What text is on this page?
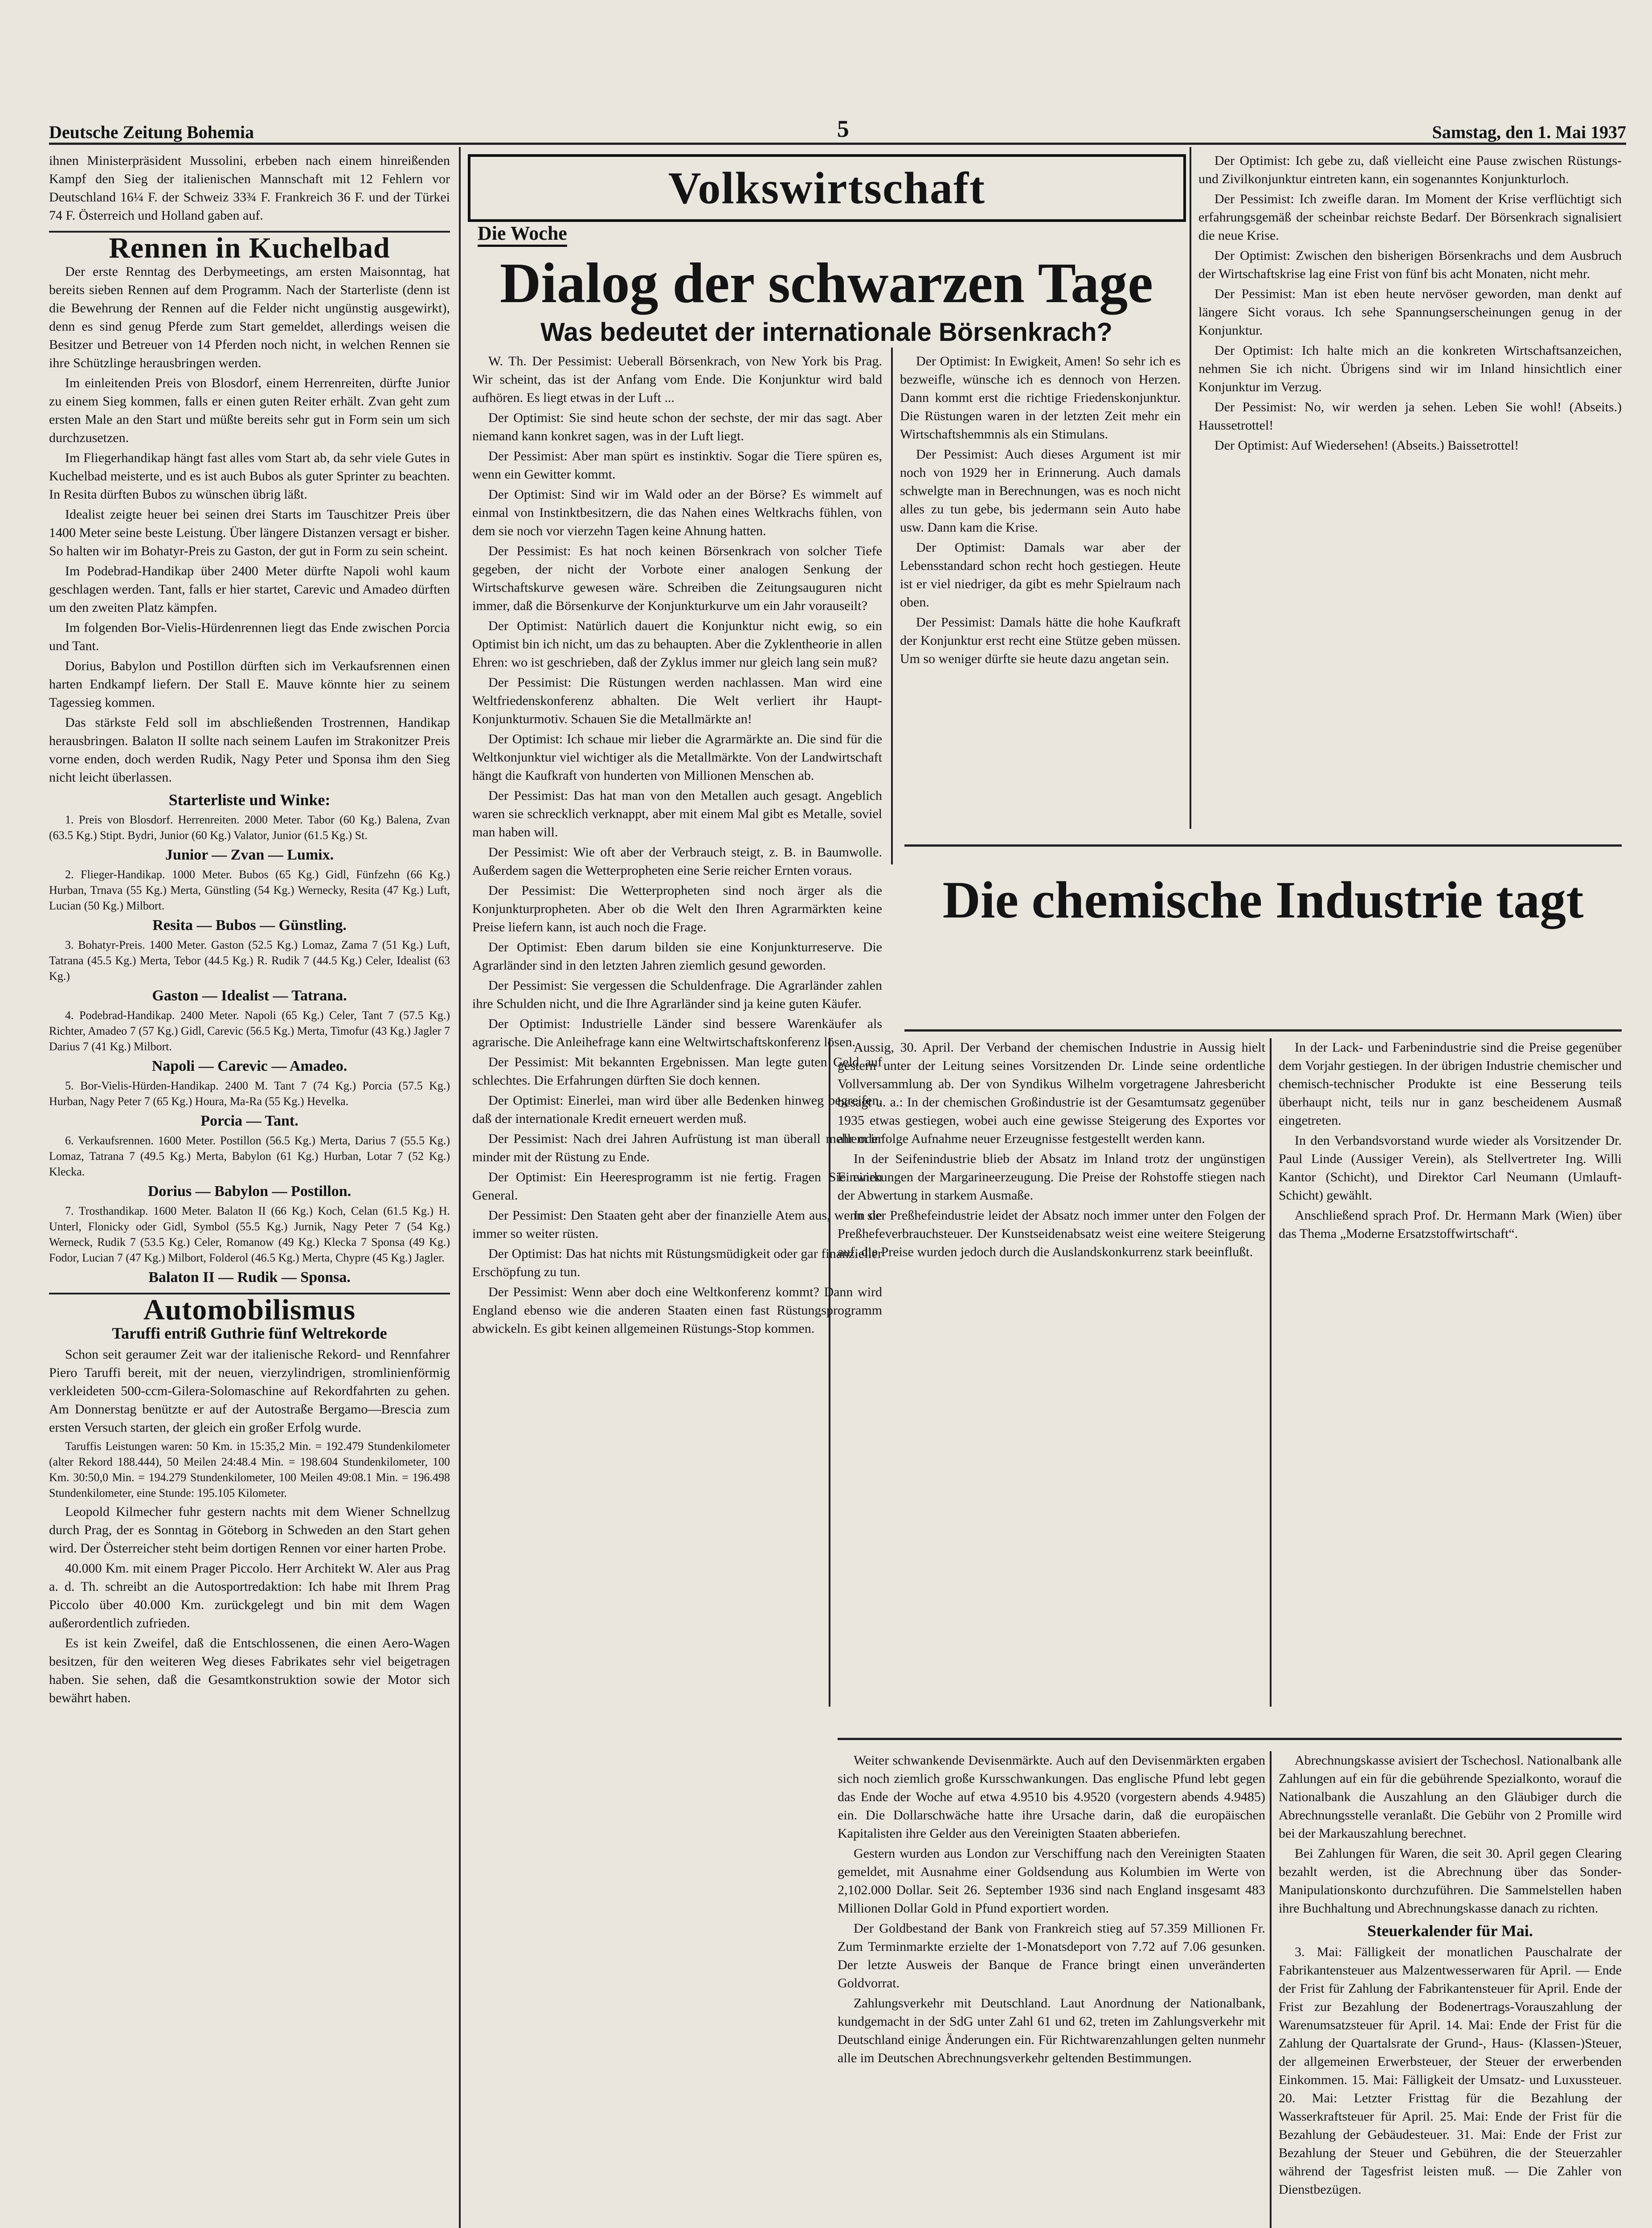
Deutsche Zeitung Bohemia	5	Samstag, den 1. Mai 1937

ihnen Ministerpräsident Mussolini, erbeben nach einem hinreißenden Kampf den Sieg der italienischen Mannschaft mit 12 Fehlern vor Deutschland 16¼ F. der Schweiz 33¾ F. Frankreich 36 F. und der Türkei 74 F. Österreich und Holland gaben auf.

Rennen in Kuchelbad

Der erste Renntag des Derbymeetings, am ersten Maisonntag, hat bereits sieben Rennen auf dem Programm. Nach der Starterliste (denn ist die Bewehrung der Rennen auf die Felder nicht ungünstig ausgewirkt), denn es sind genug Pferde zum Start gemeldet, allerdings weisen die Besitzer und Betreuer von 14 Pferden noch nicht, in welchen Rennen sie ihre Schützlinge herausbringen werden.

Im einleitenden Preis von Blosdorf, einem Herrenreiten, dürfte Junior zu einem Sieg kommen, falls er einen guten Reiter erhält. Zvan geht zum ersten Male an den Start und müßte bereits sehr gut in Form sein um sich durchzusetzen.

Im Fliegerhandikap hängt fast alles vom Start ab, da sehr viele Gutes in Kuchelbad meisterte, und es ist auch Bubos als guter Sprinter zu beachten. In Resita dürften Bubos zu wünschen übrig läßt.

Idealist zeigte heuer bei seinen drei Starts im Tauschitzer Preis über 1400 Meter seine beste Leistung. Über längere Distanzen versagt er bisher. So halten wir im Bohatyr-Preis zu Gaston, der gut in Form zu sein scheint.

Im Podebrad-Handikap über 2400 Meter dürfte Napoli wohl kaum geschlagen werden. Tant, falls er hier startet, Carevic und Amadeo dürften um den zweiten Platz kämpfen.

Im folgenden Bor-Vielis-Hürdenrennen liegt das Ende zwischen Porcia und Tant.

Dorius, Babylon und Postillon dürften sich im Verkaufsrennen einen harten Endkampf liefern. Der Stall E. Mauve könnte hier zu seinem Tagessieg kommen.

Das stärkste Feld soll im abschließenden Trostrennen, Handikap herausbringen. Balaton II sollte nach seinem Laufen im Strakonitzer Preis vorne enden, doch werden Rudik, Nagy Peter und Sponsa ihm den Sieg nicht leicht überlassen.

Starterliste und Winke:

1. Preis von Blosdorf. Herrenreiten. 2000 Meter. Tabor (60 Kg.) Balena, Zvan (63.5 Kg.) Stipt. Bydri, Junior (60 Kg.) Valator, Junior (61.5 Kg.) St.

Junior — Zvan — Lumix.

2. Flieger-Handikap. 1000 Meter. Bubos (65 Kg.) Gidl, Fünfzehn (66 Kg.) Hurban, Trnava (55 Kg.) Merta, Günstling (54 Kg.) Wernecky, Resita (47 Kg.) Luft, Lucian (50 Kg.) Milbort.

Resita — Bubos — Günstling.

3. Bohatyr-Preis. 1400 Meter. Gaston (52.5 Kg.) Lomaz, Zama 7 (51 Kg.) Luft, Tatrana (45.5 Kg.) Merta, Tebor (44.5 Kg.) R. Rudik 7 (44.5 Kg.) Celer, Idealist (63 Kg.)

Gaston — Idealist — Tatrana.

4. Podebrad-Handikap. 2400 Meter. Napoli (65 Kg.) Celer, Tant 7 (57.5 Kg.) Richter, Amadeo 7 (57 Kg.) Gidl, Carevic (56.5 Kg.) Merta, Timofur (43 Kg.) Jagler 7 Darius 7 (41 Kg.) Milbort.

Napoli — Carevic — Amadeo.

5. Bor-Vielis-Hürden-Handikap. 2400 M. Tant 7 (74 Kg.) Porcia (57.5 Kg.) Hurban, Nagy Peter 7 (65 Kg.) Houra, Ma-Ra (55 Kg.) Hevelka.

Porcia — Tant.

6. Verkaufsrennen. 1600 Meter. Postillon (56.5 Kg.) Merta, Darius 7 (55.5 Kg.) Lomaz, Tatrana 7 (49.5 Kg.) Merta, Babylon (61 Kg.) Hurban, Lotar 7 (52 Kg.) Klecka.

Dorius — Babylon — Postillon.

7. Trosthandikap. 1600 Meter. Balaton II (66 Kg.) Koch, Celan (61.5 Kg.) H. Unterl, Flonicky oder Gidl, Symbol (55.5 Kg.) Jurnik, Nagy Peter 7 (54 Kg.) Werneck, Rudik 7 (53.5 Kg.) Celer, Romanow (49 Kg.) Klecka 7 Sponsa (49 Kg.) Fodor, Lucian 7 (47 Kg.) Milbort, Folderol (46.5 Kg.) Merta, Chypre (45 Kg.) Jagler.

Balaton II — Rudik — Sponsa.
Automobilismus
Taruffi entriß Guthrie fünf Weltrekorde

Schon seit geraumer Zeit war der italienische Rekord- und Rennfahrer Piero Taruffi bereit, mit der neuen, vierzylindrigen, stromlinienförmig verkleideten 500-ccm-Gilera-Solomaschine auf Rekordfahrten zu gehen. Am Donnerstag benützte er auf der Autostraße Bergamo—Brescia zum ersten Versuch starten, der gleich ein großer Erfolg wurde.

Taruffis Leistungen waren: 50 Km. in 15:35,2 Min. = 192.479 Stundenkilometer (alter Rekord 188.444), 50 Meilen 24:48.4 Min. = 198.604 Stundenkilometer, 100 Km. 30:50,0 Min. = 194.279 Stundenkilometer, 100 Meilen 49:08.1 Min. = 196.498 Stundenkilometer, eine Stunde: 195.105 Kilometer.

Leopold Kilmecher fuhr gestern nachts mit dem Wiener Schnellzug durch Prag, der es Sonntag in Göteborg in Schweden an den Start gehen wird. Der Österreicher steht beim dortigen Rennen vor einer harten Probe.

40.000 Km. mit einem Prager Piccolo. Herr Architekt W. Aler aus Prag a. d. Th. schreibt an die Autosportredaktion: Ich habe mit Ihrem Prag Piccolo über 40.000 Km. zurückgelegt und bin mit dem Wagen außerordentlich zufrieden.

Es ist kein Zweifel, daß die Entschlossenen, die einen Aero-Wagen besitzen, für den weiteren Weg dieses Fabrikates sehr viel beigetragen haben. Sie sehen, daß die Gesamtkonstruktion sowie der Motor sich bewährt haben.

Volkswirtschaft
Die Woche
Dialog der schwarzen Tage
Was bedeutet der internationale Börsenkrach?

W. Th. Der Pessimist: Ueberall Börsenkrach, von New York bis Prag. Wir scheint, das ist der Anfang vom Ende. Die Konjunktur wird bald aufhören. Es liegt etwas in der Luft ...

Der Optimist: Sie sind heute schon der sechste, der mir das sagt. Aber niemand kann konkret sagen, was in der Luft liegt.

Der Pessimist: Aber man spürt es instinktiv. Sogar die Tiere spüren es, wenn ein Gewitter kommt.

Der Optimist: Sind wir im Wald oder an der Börse? Es wimmelt auf einmal von Instinktbesitzern, die das Nahen eines Weltkrachs fühlen, von dem sie noch vor vierzehn Tagen keine Ahnung hatten.

Der Pessimist: Es hat noch keinen Börsenkrach von solcher Tiefe gegeben, der nicht der Vorbote einer analogen Senkung der Wirtschaftskurve gewesen wäre. Schreiben die Zeitungsauguren nicht immer, daß die Börsenkurve der Konjunkturkurve um ein Jahr vorauseilt?

Der Optimist: Natürlich dauert die Konjunktur nicht ewig, so ein Optimist bin ich nicht, um das zu behaupten. Aber die Zyklentheorie in allen Ehren: wo ist geschrieben, daß der Zyklus immer nur gleich lang sein muß?

Der Pessimist: Die Rüstungen werden nachlassen. Man wird eine Weltfriedenskonferenz abhalten. Die Welt verliert ihr Haupt-Konjunkturmotiv. Schauen Sie die Metallmärkte an!

Der Optimist: Ich schaue mir lieber die Agrarmärkte an. Die sind für die Weltkonjunktur viel wichtiger als die Metallmärkte. Von der Landwirtschaft hängt die Kaufkraft von hunderten von Millionen Menschen ab.

Der Pessimist: Das hat man von den Metallen auch gesagt. Angeblich waren sie schrecklich verknappt, aber mit einem Mal gibt es Metalle, soviel man haben will.

Der Pessimist: Wie oft aber der Verbrauch steigt, z. B. in Baumwolle. Außerdem sagen die Wetterpropheten eine Serie reicher Ernten voraus.

Der Pessimist: Die Wetterpropheten sind noch ärger als die Konjunkturpropheten. Aber ob die Welt den Ihren Agrarmärkten keine Preise liefern kann, ist auch noch die Frage.

Der Optimist: Eben darum bilden sie eine Konjunkturreserve. Die Agrarländer sind in den letzten Jahren ziemlich gesund geworden.

Der Pessimist: Sie vergessen die Schuldenfrage. Die Agrarländer zahlen ihre Schulden nicht, und die Ihre Agrarländer sind ja keine guten Käufer.

Der Optimist: Industrielle Länder sind bessere Warenkäufer als agrarische. Die Anleihefrage kann eine Weltwirtschaftskonferenz lösen.

Der Pessimist: Mit bekannten Ergebnissen. Man legte guten Geld auf schlechtes. Die Erfahrungen dürften Sie doch kennen.

Der Optimist: Einerlei, man wird über alle Bedenken hinweg begreifen, daß der internationale Kredit erneuert werden muß.

Der Pessimist: Nach drei Jahren Aufrüstung ist man überall mehr oder minder mit der Rüstung zu Ende.

Der Optimist: Ein Heeresprogramm ist nie fertig. Fragen Sie einen General.

Der Pessimist: Den Staaten geht aber der finanzielle Atem aus, wenn sie immer so weiter rüsten.

Der Optimist: Das hat nichts mit Rüstungsmüdigkeit oder gar finanzieller Erschöpfung zu tun.

Der Pessimist: Wenn aber doch eine Weltkonferenz kommt? Dann wird England ebenso wie die anderen Staaten einen fast Rüstungsprogramm abwickeln. Es gibt keinen allgemeinen Rüstungs-Stop kommen.

Der Optimist: In Ewigkeit, Amen! So sehr ich es bezweifle, wünsche ich es dennoch von Herzen. Dann kommt erst die richtige Friedenskonjunktur. Die Rüstungen waren in der letzten Zeit mehr ein Wirtschaftshemmnis als ein Stimulans.

Der Pessimist: Auch dieses Argument ist mir noch von 1929 her in Erinnerung. Auch damals schwelgte man in Berechnungen, was es noch nicht alles zu tun gebe, bis jedermann sein Auto habe usw. Dann kam die Krise.

Der Optimist: Damals war aber der Lebensstandard schon recht hoch gestiegen. Heute ist er viel niedriger, da gibt es mehr Spielraum nach oben.

Der Pessimist: Damals hätte die hohe Kaufkraft der Konjunktur erst recht eine Stütze geben müssen. Um so weniger dürfte sie heute dazu angetan sein.

Der Optimist: Ich gebe zu, daß vielleicht eine Pause zwischen Rüstungs- und Zivilkonjunktur eintreten kann, ein sogenanntes Konjunkturloch.

Der Pessimist: Ich zweifle daran. Im Moment der Krise verflüchtigt sich erfahrungsgemäß der scheinbar reichste Bedarf. Der Börsenkrach signalisiert die neue Krise.

Der Optimist: Zwischen den bisherigen Börsenkrachs und dem Ausbruch der Wirtschaftskrise lag eine Frist von fünf bis acht Monaten, nicht mehr.

Der Pessimist: Man ist eben heute nervöser geworden, man denkt auf längere Sicht voraus. Ich sehe Spannungserscheinungen genug in der Konjunktur.

Der Optimist: Ich halte mich an die konkreten Wirtschaftsanzeichen, nehmen Sie ich nicht. Übrigens sind wir im Inland hinsichtlich einer Konjunktur im Verzug.

Der Pessimist: No, wir werden ja sehen. Leben Sie wohl! (Abseits.) Haussetrottel!

Der Optimist: Auf Wiedersehen! (Abseits.) Baissetrottel!

Die chemische Industrie tagt

Aussig, 30. April. Der Verband der chemischen Industrie in Aussig hielt gestern unter der Leitung seines Vorsitzenden Dr. Linde seine ordentliche Vollversammlung ab. Der von Syndikus Wilhelm vorgetragene Jahresbericht besagt u. a.: In der chemischen Großindustrie ist der Gesamtumsatz gegenüber 1935 etwas gestiegen, wobei auch eine gewisse Steigerung des Exportes vor allem infolge Aufnahme neuer Erzeugnisse festgestellt werden kann.

In der Seifenindustrie blieb der Absatz im Inland trotz der ungünstigen Einwirkungen der Margarineerzeugung. Die Preise der Rohstoffe stiegen nach der Abwertung in starkem Ausmaße.

In der Preßhefeindustrie leidet der Absatz noch immer unter den Folgen der Preßhefeverbrauchsteuer. Der Kunstseidenabsatz weist eine weitere Steigerung auf, die Preise wurden jedoch durch die Auslandskonkurrenz stark beeinflußt.

In der Lack- und Farbenindustrie sind die Preise gegenüber dem Vorjahr gestiegen. In der übrigen Industrie chemischer und chemisch-technischer Produkte ist eine Besserung teils überhaupt nicht, teils nur in ganz bescheidenem Ausmaß eingetreten.

In den Verbandsvorstand wurde wieder als Vorsitzender Dr. Paul Linde (Aussiger Verein), als Stellvertreter Ing. Willi Kantor (Schicht), und Direktor Carl Neumann (Umlauft-Schicht) gewählt.

Anschließend sprach Prof. Dr. Hermann Mark (Wien) über das Thema „Moderne Ersatzstoffwirtschaft“.

Weiter schwankende Devisenmärkte. Auch auf den Devisenmärkten ergaben sich noch ziemlich große Kursschwankungen. Das englische Pfund lebt gegen das Ende der Woche auf etwa 4.9510 bis 4.9520 (vorgestern abends 4.9485) ein. Die Dollarschwäche hatte ihre Ursache darin, daß die europäischen Kapitalisten ihre Gelder aus den Vereinigten Staaten abberiefen.

Gestern wurden aus London zur Verschiffung nach den Vereinigten Staaten gemeldet, mit Ausnahme einer Goldsendung aus Kolumbien im Werte von 2,102.000 Dollar. Seit 26. September 1936 sind nach England insgesamt 483 Millionen Dollar Gold in Pfund exportiert worden.

Der Goldbestand der Bank von Frankreich stieg auf 57.359 Millionen Fr. Zum Terminmarkte erzielte der 1-Monatsdeport von 7.72 auf 7.06 gesunken. Der letzte Ausweis der Banque de France bringt einen unveränderten Goldvorrat.

Zahlungsverkehr mit Deutschland. Laut Anordnung der Nationalbank, kundgemacht in der SdG unter Zahl 61 und 62, treten im Zahlungsverkehr mit Deutschland einige Änderungen ein. Für Richtwarenzahlungen gelten nunmehr alle im Deutschen Abrechnungsverkehr geltenden Bestimmungen.

Abrechnungskasse avisiert der Tschechosl. Nationalbank alle Zahlungen auf ein für die gebührende Spezialkonto, worauf die Nationalbank die Auszahlung an den Gläubiger durch die Abrechnungsstelle veranlaßt. Die Gebühr von 2 Promille wird bei der Markauszahlung berechnet.

Bei Zahlungen für Waren, die seit 30. April gegen Clearing bezahlt werden, ist die Abrechnung über das Sonder-Manipulationskonto durchzuführen. Die Sammelstellen haben ihre Buchhaltung und Abrechnungskasse danach zu richten.

Steuerkalender für Mai.

3. Mai: Fälligkeit der monatlichen Pauschalrate der Fabrikantensteuer aus Malzentwesserwaren für April. — Ende der Frist für Zahlung der Fabrikantensteuer für April. Ende der Frist zur Bezahlung der Bodenertrags-Vorauszahlung der Warenumsatzsteuer für April. 14. Mai: Ende der Frist für die Zahlung der Quartalsrate der Grund-, Haus- (Klassen-)Steuer, der allgemeinen Erwerbsteuer, der Steuer der erwerbenden Einkommen. 15. Mai: Fälligkeit der Umsatz- und Luxussteuer. 20. Mai: Letzter Fristtag für die Bezahlung der Wasserkraftsteuer für April. 25. Mai: Ende der Frist für die Bezahlung der Gebäudesteuer. 31. Mai: Ende der Frist zur Bezahlung der Steuer und Gebühren, die der Steuerzahler während der Tagesfrist leisten muß. — Die Zahler von Dienstbezügen.
